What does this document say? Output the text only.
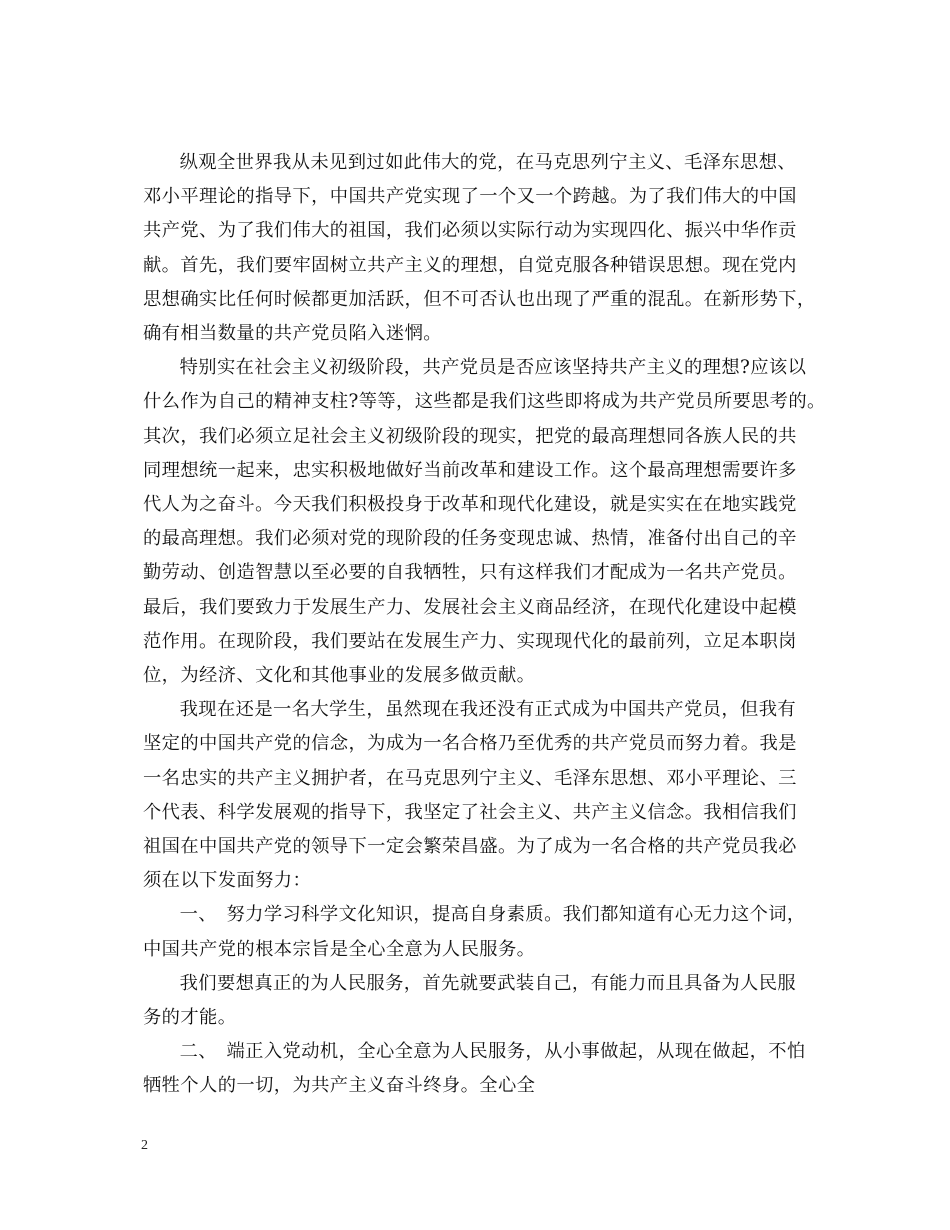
纵观全世界我从未见到过如此伟大的党，在马克思列宁主义、毛泽东思想、
邓小平理论的指导下，中国共产党实现了一个又一个跨越。为了我们伟大的中国
共产党、为了我们伟大的祖国，我们必须以实际行动为实现四化、振兴中华作贡
献。首先，我们要牢固树立共产主义的理想，自觉克服各种错误思想。现在党内
思想确实比任何时候都更加活跃，但不可否认也出现了严重的混乱。在新形势下，
确有相当数量的共产党员陷入迷惘。

特别实在社会主义初级阶段，共产党员是否应该坚持共产主义的理想?应该以
什么作为自己的精神支柱?等等，这些都是我们这些即将成为共产党员所要思考的。
其次，我们必须立足社会主义初级阶段的现实，把党的最高理想同各族人民的共
同理想统一起来，忠实积极地做好当前改革和建设工作。这个最高理想需要许多
代人为之奋斗。今天我们积极投身于改革和现代化建设，就是实实在在地实践党
的最高理想。我们必须对党的现阶段的任务变现忠诚、热情，准备付出自己的辛
勤劳动、创造智慧以至必要的自我牺牲，只有这样我们才配成为一名共产党员。
最后，我们要致力于发展生产力、发展社会主义商品经济，在现代化建设中起模
范作用。在现阶段，我们要站在发展生产力、实现现代化的最前列，立足本职岗
位，为经济、文化和其他事业的发展多做贡献。

我现在还是一名大学生，虽然现在我还没有正式成为中国共产党员，但我有
坚定的中国共产党的信念，为成为一名合格乃至优秀的共产党员而努力着。我是
一名忠实的共产主义拥护者，在马克思列宁主义、毛泽东思想、邓小平理论、三
个代表、科学发展观的指导下，我坚定了社会主义、共产主义信念。我相信我们
祖国在中国共产党的领导下一定会繁荣昌盛。为了成为一名合格的共产党员我必
须在以下发面努力：

一、　努力学习科学文化知识，提高自身素质。我们都知道有心无力这个词，
中国共产党的根本宗旨是全心全意为人民服务。

我们要想真正的为人民服务，首先就要武装自己，有能力而且具备为人民服
务的才能。

二、　端正入党动机，全心全意为人民服务，从小事做起，从现在做起，不怕
牺牲个人的一切，为共产主义奋斗终身。全心全

2
